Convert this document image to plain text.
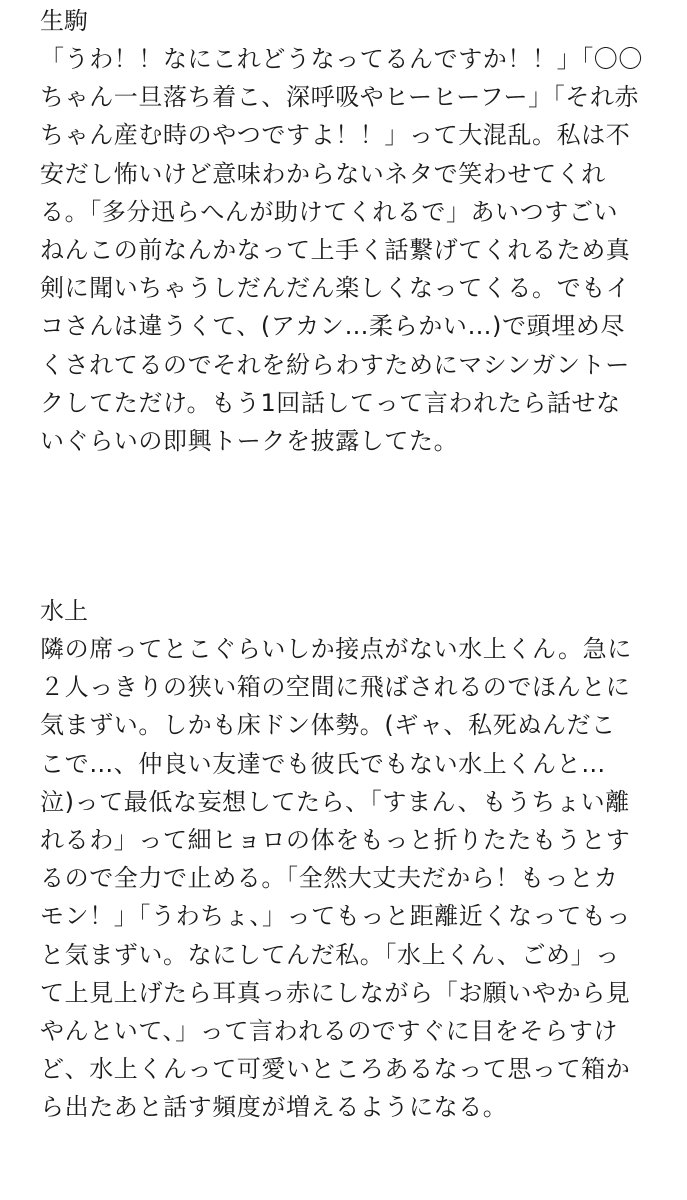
生駒

「うわ！！なにこれどうなってるんですか！！」「〇〇

ちゃん一旦落ち着こ、深呼吸やヒーヒーフー」「それ赤

ちゃん産む時のやつですよ！！」って大混乱。私は不

安だし怖いけど意味わからないネタで笑わせてくれ

る。「多分迅らへんが助けてくれるで」あいつすごい

ねんこの前なんかなって上手く話繋げてくれるため真

剣に聞いちゃうしだんだん楽しくなってくる。でもイ

コさんは違うくて、(アカン…柔らかい…)で頭埋め尽

くされてるのでそれを紛らわすためにマシンガントー

クしてただけ。もう1回話してって言われたら話せな

いぐらいの即興トークを披露してた。

水上

隣の席ってとこぐらいしか接点がない水上くん。急に

２人っきりの狭い箱の空間に飛ばされるのでほんとに

気まずい。しかも床ドン体勢。(ギャ、私死ぬんだこ

こで…、仲良い友達でも彼氏でもない水上くんと…

泣)って最低な妄想してたら、「すまん、もうちょい離

れるわ」って細ヒョロの体をもっと折りたたもうとす

るので全力で止める。「全然大丈夫だから！もっとカ

モン！」「うわちょ、」ってもっと距離近くなってもっ

と気まずい。なにしてんだ私。「水上くん、ごめ」っ

て上見上げたら耳真っ赤にしながら「お願いやから見

やんといて、」って言われるのですぐに目をそらすけ

ど、水上くんって可愛いところあるなって思って箱か

ら出たあと話す頻度が増えるようになる。
